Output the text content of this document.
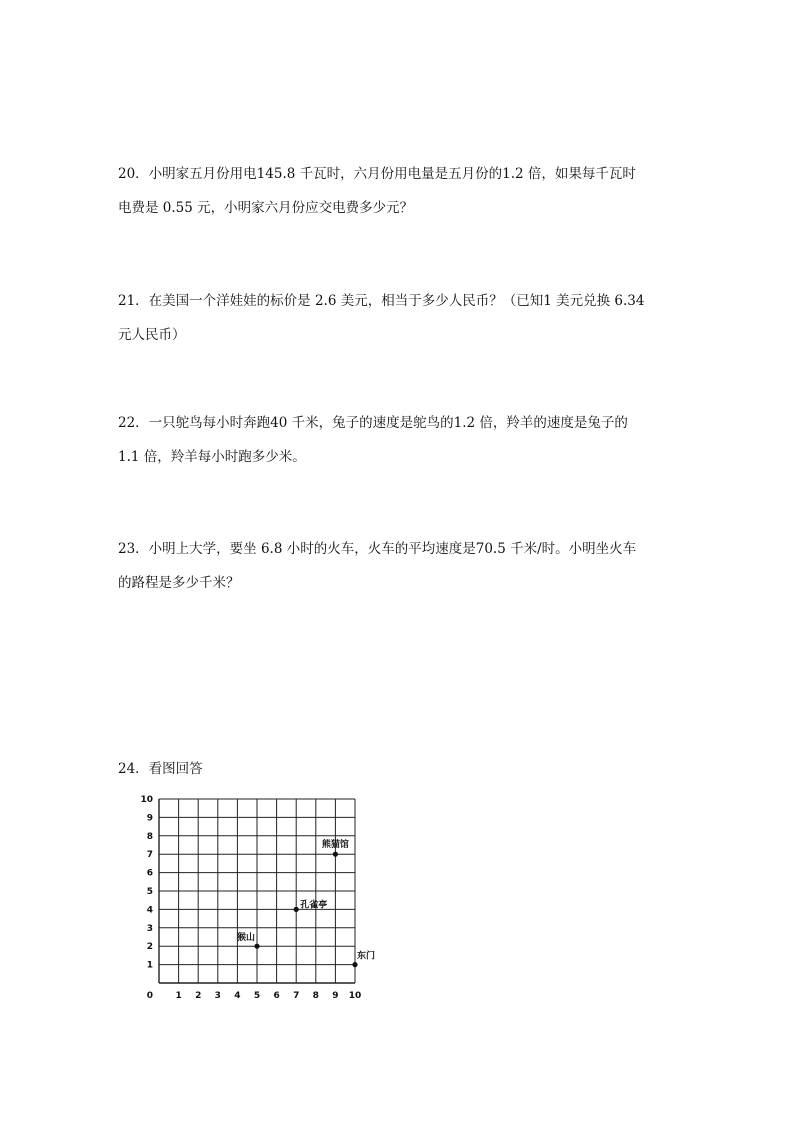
20．小明家五月份用电145.8 千瓦时，六月份用电量是五月份的1.2 倍，如果每千瓦时

电费是 0.55 元，小明家六月份应交电费多少元？

21．在美国一个洋娃娃的标价是 2.6 美元，相当于多少人民币？（已知1 美元兑换 6.34

元人民币）

22．一只鸵鸟每小时奔跑40 千米，兔子的速度是鸵鸟的1.2 倍，羚羊的速度是兔子的

1.1 倍，羚羊每小时跑多少米。

23．小明上大学，要坐 6.8 小时的火车，火车的平均速度是70.5 千米/时。小明坐火车

的路程是多少千米？

24．看图回答

1 2 3 4 5 6 7 8 9 10
1
2
3
4
5
6
7
8
9
10
0
熊猫馆
孔雀亭
猴山
东门
